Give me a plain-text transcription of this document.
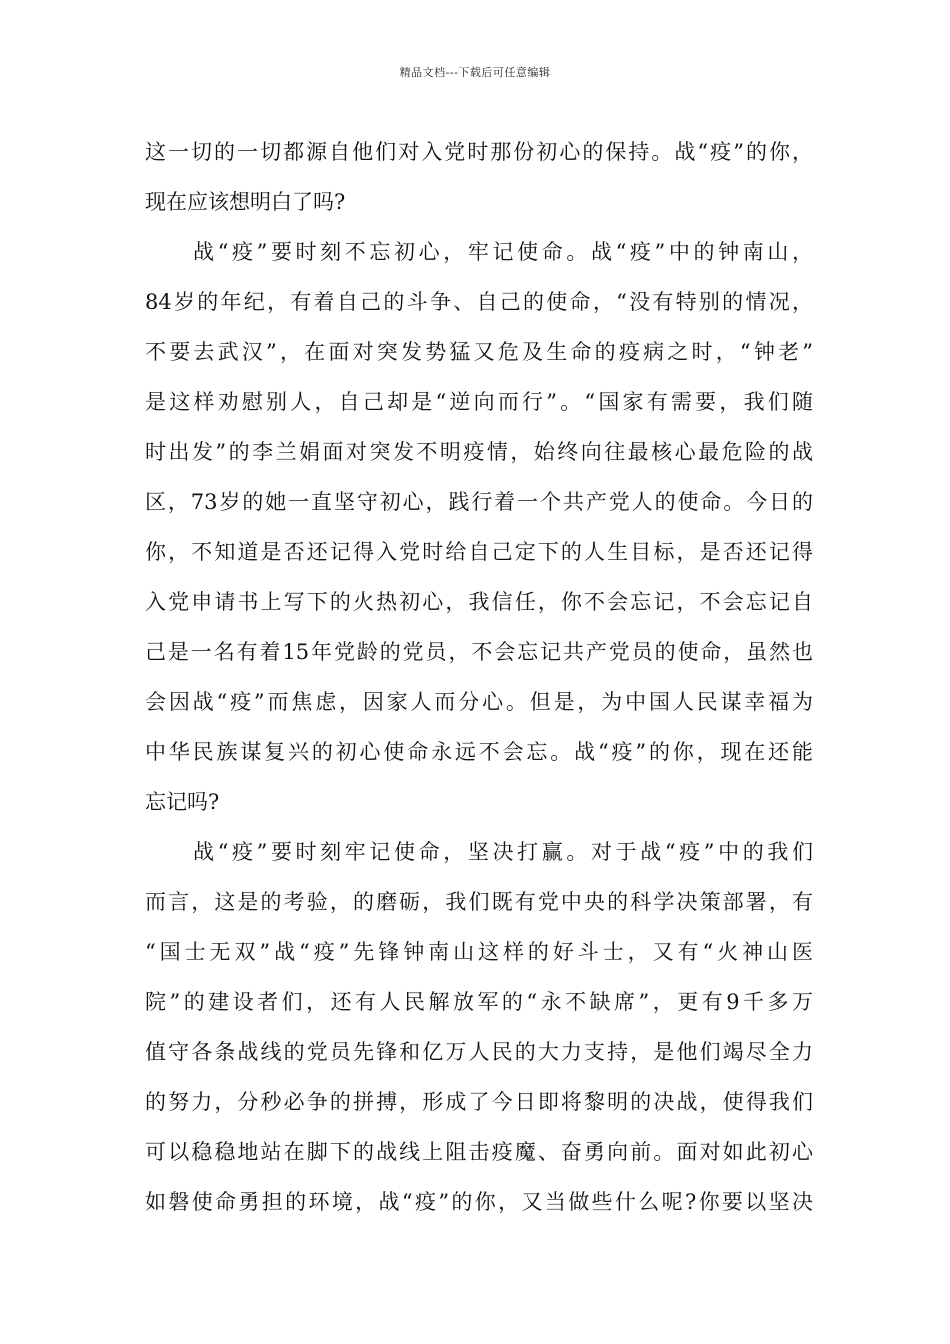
精品文档---下载后可任意编辑
这一切的一切都源自他们对入党时那份初心的保持。战“疫”的你，
现在应该想明白了吗?
战“疫”要时刻不忘初心，牢记使命。战“疫”中的钟南山，
84岁的年纪，有着自己的斗争、自己的使命，“没有特别的情况，
不要去武汉”，在面对突发势猛又危及生命的疫病之时，“钟老”
是这样劝慰别人，自己却是“逆向而行”。“国家有需要，我们随
时出发”的李兰娟面对突发不明疫情，始终向往最核心最危险的战
区，73岁的她一直坚守初心，践行着一个共产党人的使命。今日的
你，不知道是否还记得入党时给自己定下的人生目标，是否还记得
入党申请书上写下的火热初心，我信任，你不会忘记，不会忘记自
己是一名有着15年党龄的党员，不会忘记共产党员的使命，虽然也
会因战“疫”而焦虑，因家人而分心。但是，为中国人民谋幸福为
中华民族谋复兴的初心使命永远不会忘。战“疫”的你，现在还能
忘记吗?
战“疫”要时刻牢记使命，坚决打赢。对于战“疫”中的我们
而言，这是的考验，的磨砺，我们既有党中央的科学决策部署，有
“国士无双”战“疫”先锋钟南山这样的好斗士，又有“火神山医
院”的建设者们，还有人民解放军的“永不缺席”，更有9千多万
值守各条战线的党员先锋和亿万人民的大力支持，是他们竭尽全力
的努力，分秒必争的拼搏，形成了今日即将黎明的决战，使得我们
可以稳稳地站在脚下的战线上阻击疫魔、奋勇向前。面对如此初心
如磐使命勇担的环境，战“疫”的你，又当做些什么呢?你要以坚决
